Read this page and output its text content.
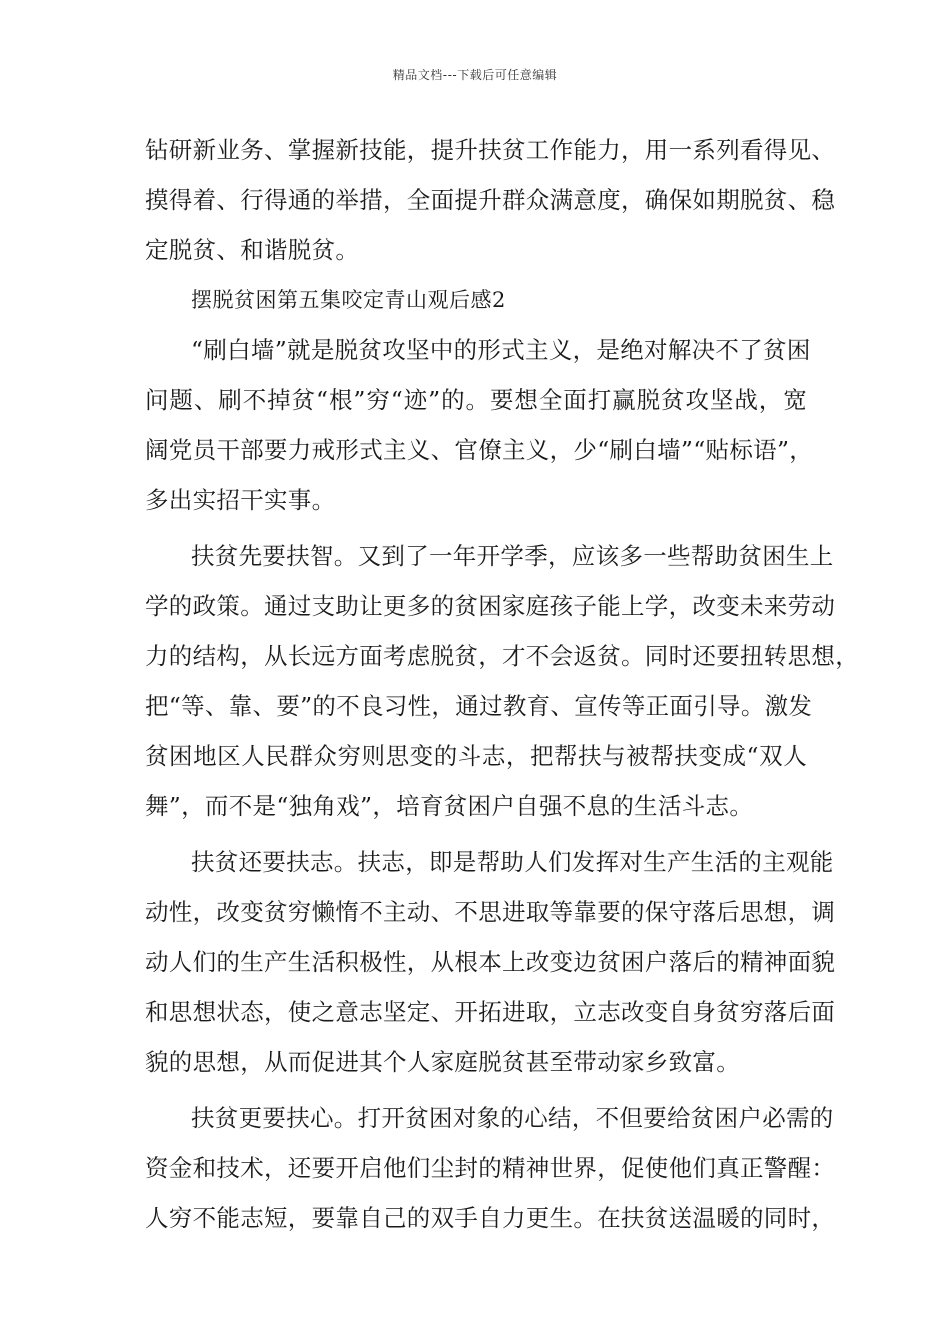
精品文档---下载后可任意编辑
钻研新业务、掌握新技能，提升扶贫工作能力，用一系列看得见、
摸得着、行得通的举措，全面提升群众满意度，确保如期脱贫、稳
定脱贫、和谐脱贫。
摆脱贫困第五集咬定青山观后感2
“刷白墙”就是脱贫攻坚中的形式主义，是绝对解决不了贫困
问题、刷不掉贫“根”穷“迹”的。要想全面打赢脱贫攻坚战，宽
阔党员干部要力戒形式主义、官僚主义，少“刷白墙”“贴标语”，
多出实招干实事。
扶贫先要扶智。又到了一年开学季，应该多一些帮助贫困生上
学的政策。通过支助让更多的贫困家庭孩子能上学，改变未来劳动
力的结构，从长远方面考虑脱贫，才不会返贫。同时还要扭转思想，
把“等、靠、要”的不良习性，通过教育、宣传等正面引导。激发
贫困地区人民群众穷则思变的斗志，把帮扶与被帮扶变成“双人
舞”，而不是“独角戏”，培育贫困户自强不息的生活斗志。
扶贫还要扶志。扶志，即是帮助人们发挥对生产生活的主观能
动性，改变贫穷懒惰不主动、不思进取等靠要的保守落后思想，调
动人们的生产生活积极性，从根本上改变边贫困户落后的精神面貌
和思想状态，使之意志坚定、开拓进取，立志改变自身贫穷落后面
貌的思想，从而促进其个人家庭脱贫甚至带动家乡致富。
扶贫更要扶心。打开贫困对象的心结，不但要给贫困户必需的
资金和技术，还要开启他们尘封的精神世界，促使他们真正警醒：
人穷不能志短，要靠自己的双手自力更生。在扶贫送温暖的同时，
